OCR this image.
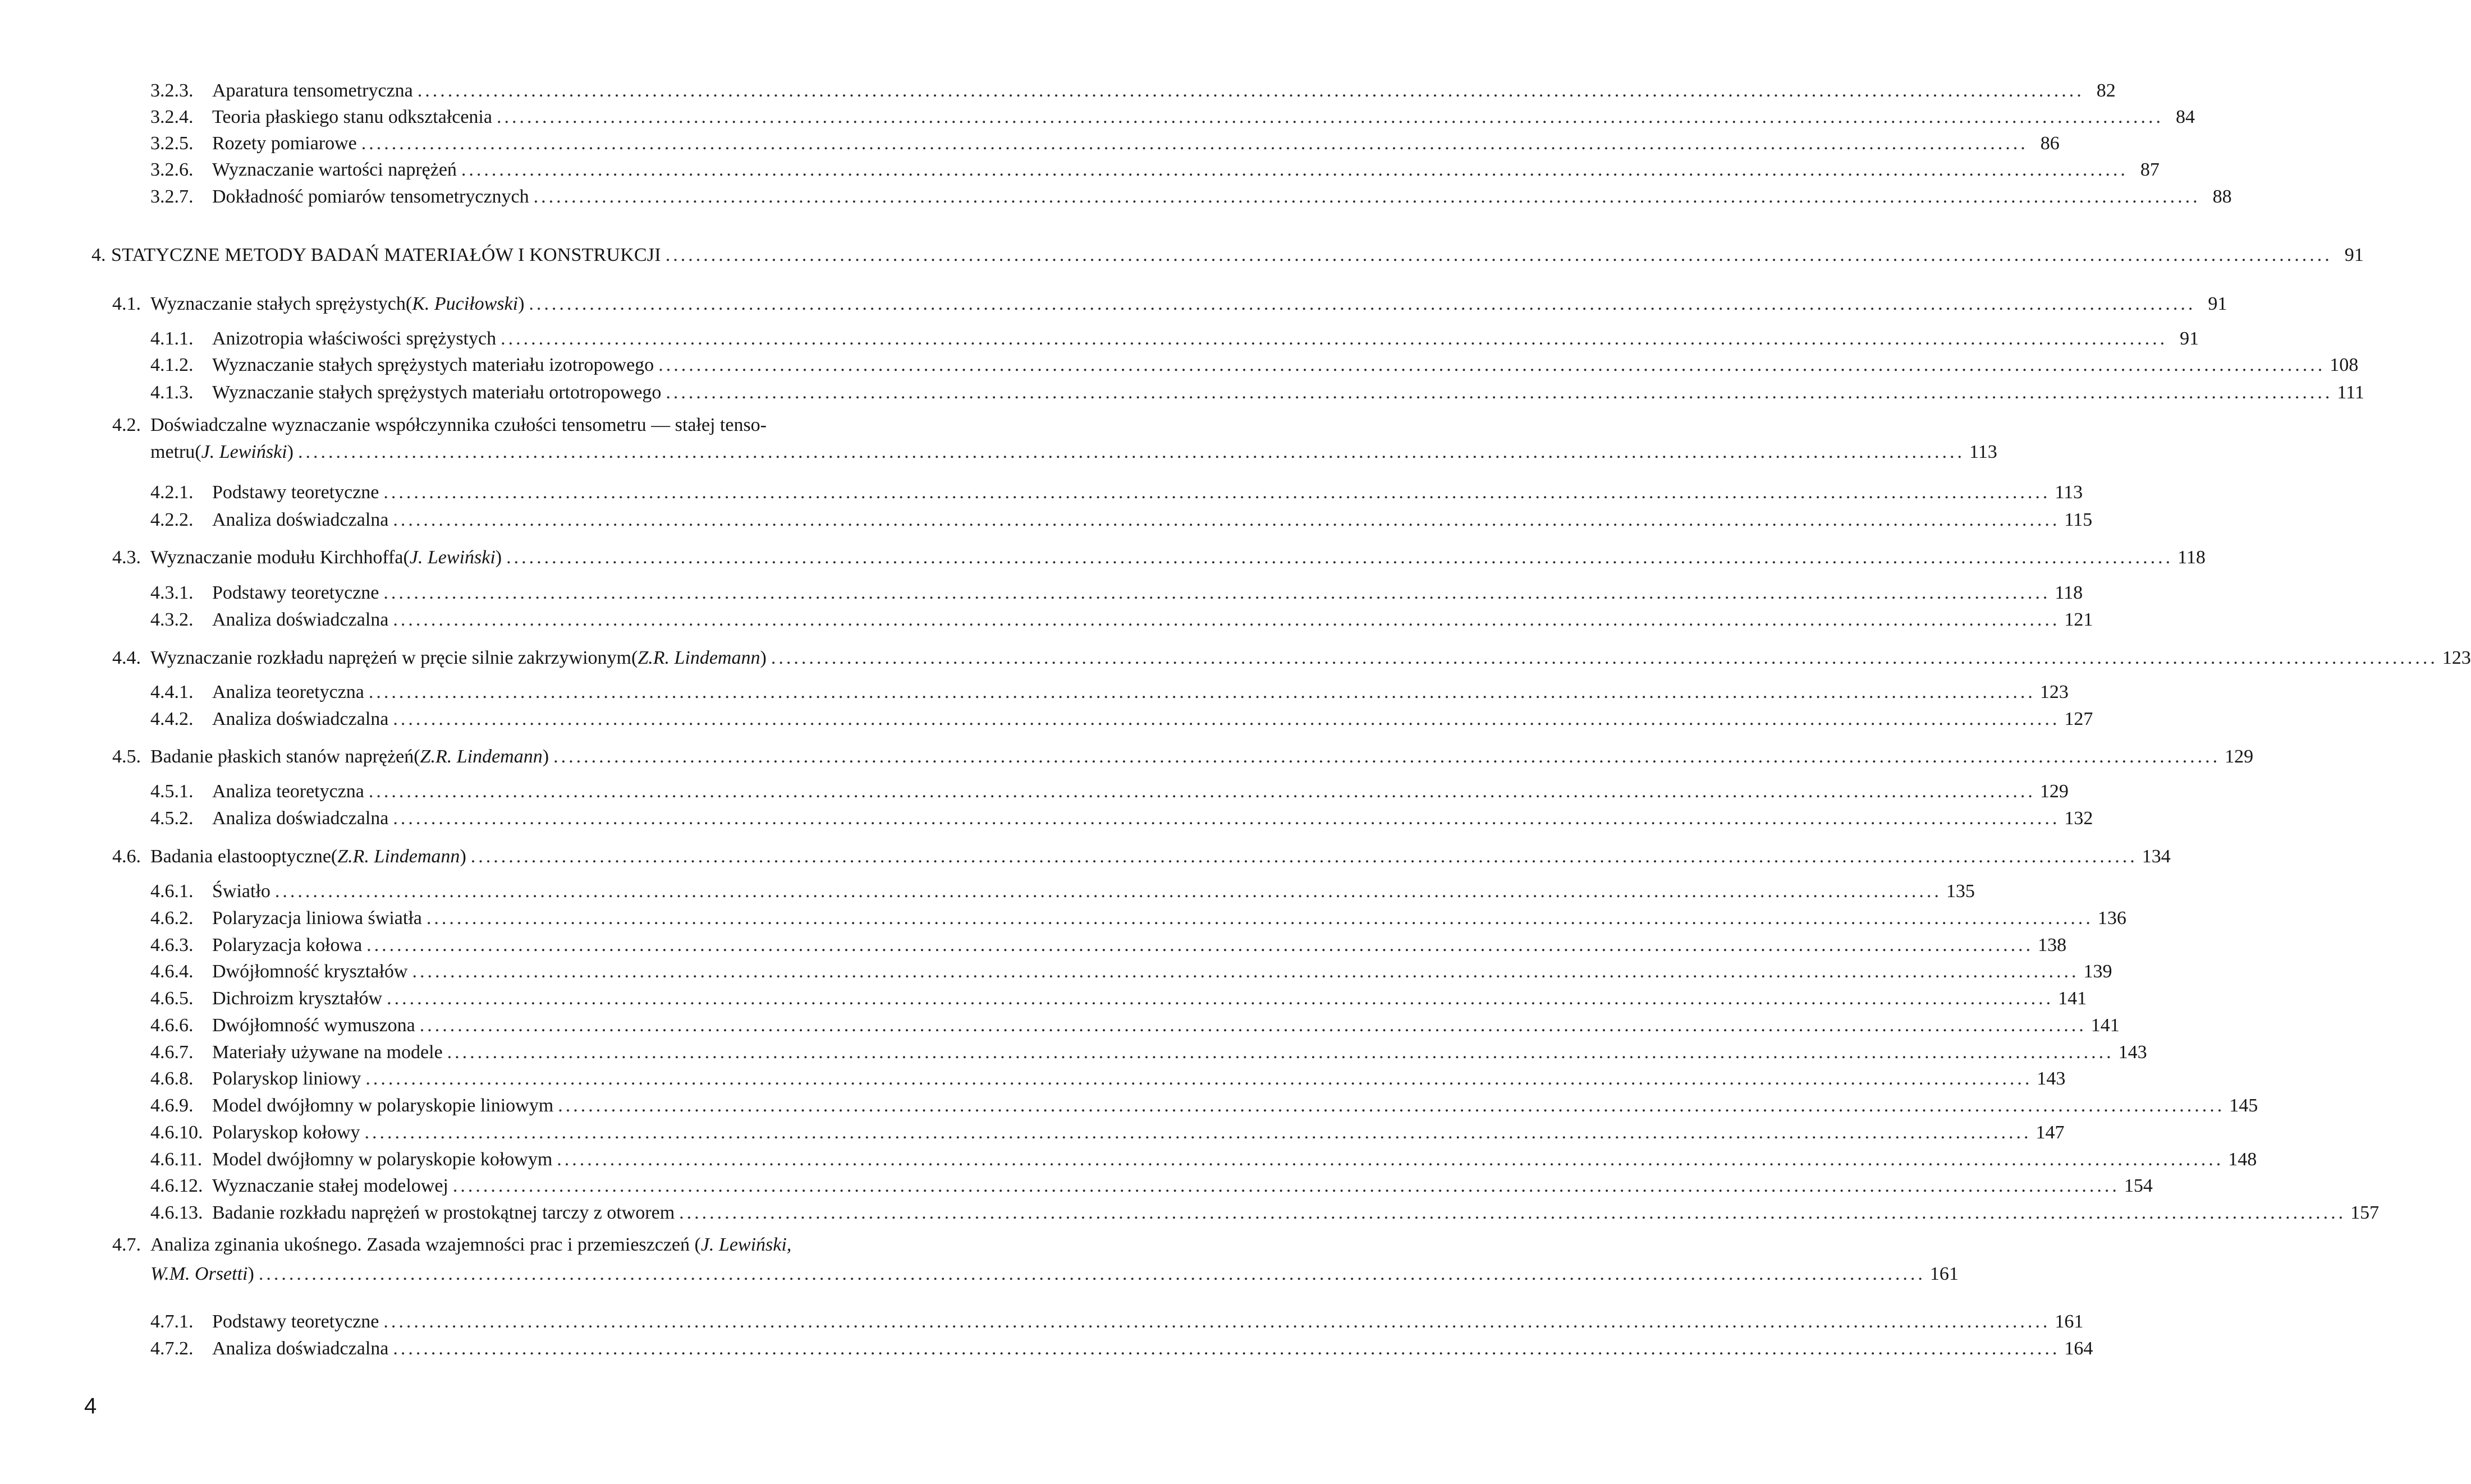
3.2.3. Aparatura tensometryczna ............................................................................................................................................................................................................................ 82
3.2.4. Teoria płaskiego stanu odkształcenia ............................................................................................................................................................................................................................ 84
3.2.5. Rozety pomiarowe ............................................................................................................................................................................................................................ 86
3.2.6. Wyznaczanie wartości naprężeń ............................................................................................................................................................................................................................ 87
3.2.7. Dokładność pomiarów tensometrycznych ............................................................................................................................................................................................................................ 88
4. STATYCZNE METODY BADAŃ MATERIAŁÓW I KONSTRUKCJI ............................................................................................................................................................................................................................ 91
4.1. Wyznaczanie stałych sprężystych ( K. Puciłowski ) ............................................................................................................................................................................................................................ 91
4.1.1. Anizotropia właściwości sprężystych ............................................................................................................................................................................................................................ 91
4.1.2. Wyznaczanie stałych sprężystych materiału izotropowego ............................................................................................................................................................................................................................ 108
4.1.3. Wyznaczanie stałych sprężystych materiału ortotropowego ............................................................................................................................................................................................................................ 111
4.2. Doświadczalne wyznaczanie współczynnika czułości tensometru — stałej tenso-
metru ( J. Lewiński ) ............................................................................................................................................................................................................................ 113
4.2.1. Podstawy teoretyczne ............................................................................................................................................................................................................................ 113
4.2.2. Analiza doświadczalna ............................................................................................................................................................................................................................ 115
4.3. Wyznaczanie modułu Kirchhoffa ( J. Lewiński ) ............................................................................................................................................................................................................................ 118
4.3.1. Podstawy teoretyczne ............................................................................................................................................................................................................................ 118
4.3.2. Analiza doświadczalna ............................................................................................................................................................................................................................ 121
4.4. Wyznaczanie rozkładu naprężeń w pręcie silnie zakrzywionym ( Z.R. Lindemann ) ............................................................................................................................................................................................................................ 123
4.4.1. Analiza teoretyczna ............................................................................................................................................................................................................................ 123
4.4.2. Analiza doświadczalna ............................................................................................................................................................................................................................ 127
4.5. Badanie płaskich stanów naprężeń ( Z.R. Lindemann ) ............................................................................................................................................................................................................................ 129
4.5.1. Analiza teoretyczna ............................................................................................................................................................................................................................ 129
4.5.2. Analiza doświadczalna ............................................................................................................................................................................................................................ 132
4.6. Badania elastooptyczne ( Z.R. Lindemann ) ............................................................................................................................................................................................................................ 134
4.6.1. Światło ............................................................................................................................................................................................................................ 135
4.6.2. Polaryzacja liniowa światła ............................................................................................................................................................................................................................ 136
4.6.3. Polaryzacja kołowa ............................................................................................................................................................................................................................ 138
4.6.4. Dwójłomność kryształów ............................................................................................................................................................................................................................ 139
4.6.5. Dichroizm kryształów ............................................................................................................................................................................................................................ 141
4.6.6. Dwójłomność wymuszona ............................................................................................................................................................................................................................ 141
4.6.7. Materiały używane na modele ............................................................................................................................................................................................................................ 143
4.6.8. Polaryskop liniowy ............................................................................................................................................................................................................................ 143
4.6.9. Model dwójłomny w polaryskopie liniowym ............................................................................................................................................................................................................................ 145
4.6.10. Polaryskop kołowy ............................................................................................................................................................................................................................ 147
4.6.11. Model dwójłomny w polaryskopie kołowym ............................................................................................................................................................................................................................ 148
4.6.12. Wyznaczanie stałej modelowej ............................................................................................................................................................................................................................ 154
4.6.13. Badanie rozkładu naprężeń w prostokątnej tarczy z otworem ............................................................................................................................................................................................................................ 157
4.7. Analiza zginania ukośnego. Zasada wzajemności prac i przemieszczeń (J. Lewiński,
W.M. Orsetti ) ............................................................................................................................................................................................................................ 161
4.7.1. Podstawy teoretyczne ............................................................................................................................................................................................................................ 161
4.7.2. Analiza doświadczalna ............................................................................................................................................................................................................................ 164
4
